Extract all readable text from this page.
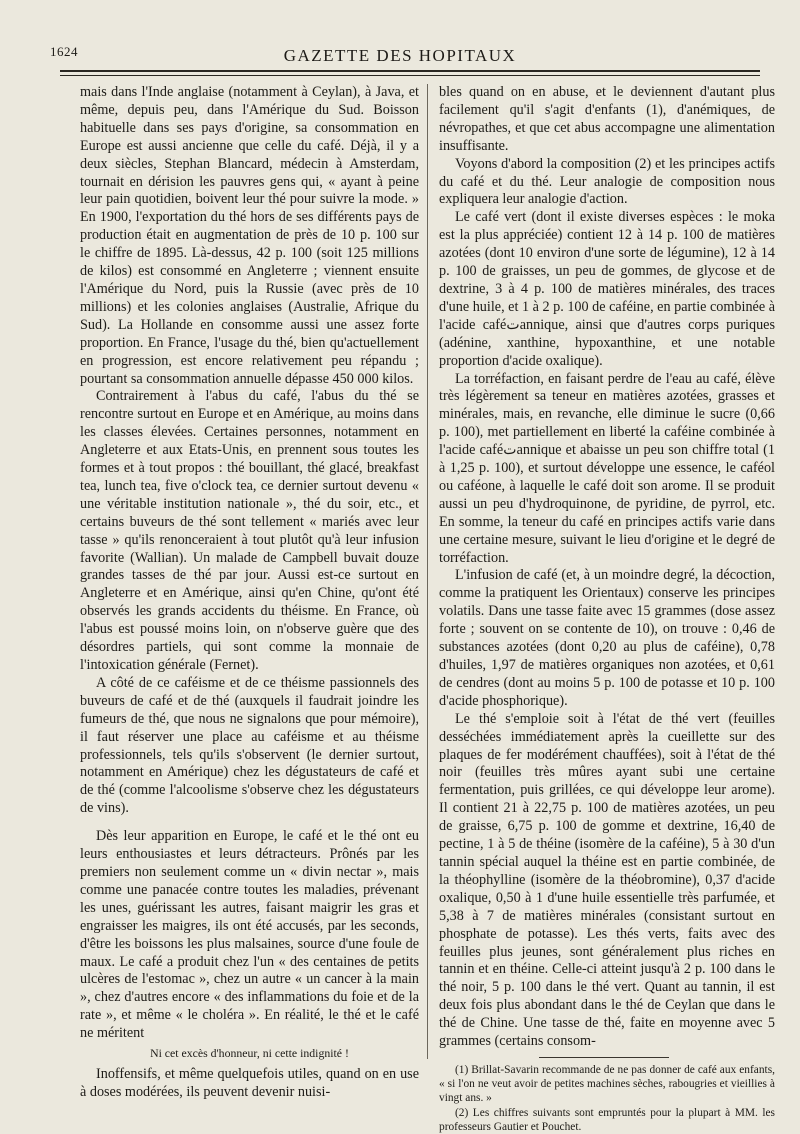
1624	GAZETTE DES HOPITAUX

mais dans l'Inde anglaise (notamment à Ceylan), à Java, et même, depuis peu, dans l'Amérique du Sud. Boisson habituelle dans ses pays d'origine, sa consommation en Europe est aussi ancienne que celle du café. Déjà, il y a deux siècles, Stephan Blancard, médecin à Amsterdam, tournait en dérision les pauvres gens qui, « ayant à peine leur pain quotidien, boivent leur thé pour suivre la mode. » En 1900, l'exportation du thé hors de ses différents pays de production était en augmentation de près de 10 p. 100 sur le chiffre de 1895. Là-dessus, 42 p. 100 (soit 125 millions de kilos) est consommé en Angleterre ; viennent ensuite l'Amérique du Nord, puis la Russie (avec près de 10 millions) et les colonies anglaises (Australie, Afrique du Sud). La Hollande en consomme aussi une assez forte proportion. En France, l'usage du thé, bien qu'actuellement en progression, est encore relativement peu répandu ; pourtant sa consommation annuelle dépasse 450 000 kilos.

Contrairement à l'abus du café, l'abus du thé se rencontre surtout en Europe et en Amérique, au moins dans les classes élevées. Certaines personnes, notamment en Angleterre et aux Etats-Unis, en prennent sous toutes les formes et à tout propos : thé bouillant, thé glacé, breakfast tea, lunch tea, five o'clock tea, ce dernier surtout devenu « une véritable institution nationale », thé du soir, etc., et certains buveurs de thé sont tellement « mariés avec leur tasse » qu'ils renonceraient à tout plutôt qu'à leur infusion favorite (Wallian). Un malade de Campbell buvait douze grandes tasses de thé par jour. Aussi est-ce surtout en Angleterre et en Amérique, ainsi qu'en Chine, qu'ont été observés les grands accidents du théisme. En France, où l'abus est poussé moins loin, on n'observe guère que des désordres partiels, qui sont comme la monnaie de l'intoxication générale (Fernet).

A côté de ce caféisme et de ce théisme passionnels des buveurs de café et de thé (auxquels il faudrait joindre les fumeurs de thé, que nous ne signalons que pour mémoire), il faut réserver une place au caféisme et au théisme professionnels, tels qu'ils s'observent (le dernier surtout, notamment en Amérique) chez les dégustateurs de café et de thé (comme l'alcoolisme s'observe chez les dégustateurs de vins).

Dès leur apparition en Europe, le café et le thé ont eu leurs enthousiastes et leurs détracteurs. Prônés par les premiers non seulement comme un « divin nectar », mais comme une panacée contre toutes les maladies, prévenant les unes, guérissant les autres, faisant maigrir les gras et engraisser les maigres, ils ont été accusés, par les seconds, d'être les boissons les plus malsaines, source d'une foule de maux. Le café a produit chez l'un « des centaines de petits ulcères de l'estomac », chez un autre « un cancer à la main », chez d'autres encore « des inflammations du foie et de la rate », et même « le choléra ». En réalité, le thé et le café ne méritent

Ni cet excès d'honneur, ni cette indignité !

Inoffensifs, et même quelquefois utiles, quand on en use à doses modérées, ils peuvent devenir nuisi-

bles quand on en abuse, et le deviennent d'autant plus facilement qu'il s'agit d'enfants (1), d'anémiques, de névropathes, et que cet abus accompagne une alimentation insuffisante.

Voyons d'abord la composition (2) et les principes actifs du café et du thé. Leur analogie de composition nous expliquera leur analogie d'action.

Le café vert (dont il existe diverses espèces : le moka est la plus appréciée) contient 12 à 14 p. 100 de matières azotées (dont 10 environ d'une sorte de légumine), 12 à 14 p. 100 de graisses, un peu de gommes, de glycose et de dextrine, 3 à 4 p. 100 de matières minérales, des traces d'une huile, et 1 à 2 p. 100 de caféine, en partie combinée à l'acide caféتannique, ainsi que d'autres corps puriques (adénine, xanthine, hypoxanthine, et une notable proportion d'acide oxalique).

La torréfaction, en faisant perdre de l'eau au café, élève très légèrement sa teneur en matières azotées, grasses et minérales, mais, en revanche, elle diminue le sucre (0,66 p. 100), met partiellement en liberté la caféine combinée à l'acide caféتannique et abaisse un peu son chiffre total (1 à 1,25 p. 100), et surtout développe une essence, le caféol ou caféone, à laquelle le café doit son arome. Il se produit aussi un peu d'hydroquinone, de pyridine, de pyrrol, etc. En somme, la teneur du café en principes actifs varie dans une certaine mesure, suivant le lieu d'origine et le degré de torréfaction.

L'infusion de café (et, à un moindre degré, la décoction, comme la pratiquent les Orientaux) conserve les principes volatils. Dans une tasse faite avec 15 grammes (dose assez forte ; souvent on se contente de 10), on trouve : 0,46 de substances azotées (dont 0,20 au plus de caféine), 0,78 d'huiles, 1,97 de matières organiques non azotées, et 0,61 de cendres (dont au moins 5 p. 100 de potasse et 10 p. 100 d'acide phosphorique).

Le thé s'emploie soit à l'état de thé vert (feuilles desséchées immédiatement après la cueillette sur des plaques de fer modérément chauffées), soit à l'état de thé noir (feuilles très mûres ayant subi une certaine fermentation, puis grillées, ce qui développe leur arome). Il contient 21 à 22,75 p. 100 de matières azotées, un peu de graisse, 6,75 p. 100 de gomme et dextrine, 16,40 de pectine, 1 à 5 de théine (isomère de la caféine), 5 à 30 d'un tannin spécial auquel la théine est en partie combinée, de la théophylline (isomère de la théobromine), 0,37 d'acide oxalique, 0,50 à 1 d'une huile essentielle très parfumée, et 5,38 à 7 de matières minérales (consistant surtout en phosphate de potasse). Les thés verts, faits avec des feuilles plus jeunes, sont généralement plus riches en tannin et en théine. Celle-ci atteint jusqu'à 2 p. 100 dans le thé noir, 5 p. 100 dans le thé vert. Quant au tannin, il est deux fois plus abondant dans le thé de Ceylan que dans le thé de Chine. Une tasse de thé, faite en moyenne avec 5 grammes (certains consom-

(1) Brillat-Savarin recommande de ne pas donner de café aux enfants, « si l'on ne veut avoir de petites machines sèches, rabougries et vieillies à vingt ans. »

(2) Les chiffres suivants sont empruntés pour la plupart à MM. les professeurs Gautier et Pouchet.
